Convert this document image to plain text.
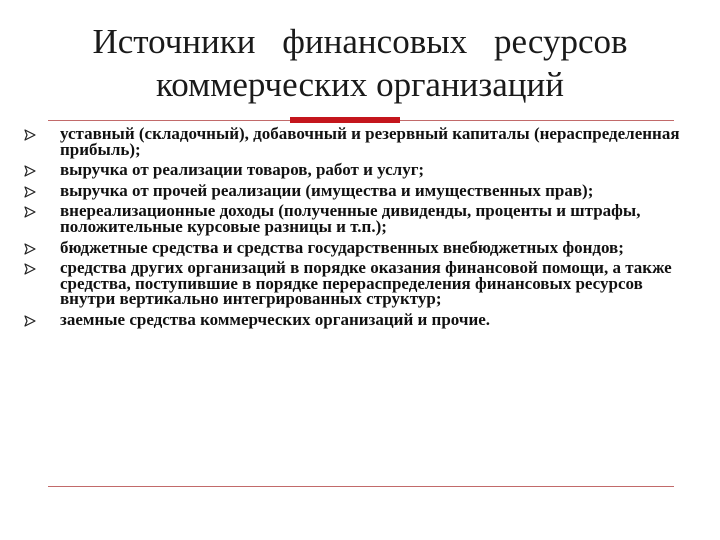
Источники финансовых ресурсов
коммерческих организаций
уставный (складочный), добавочный и резервный капиталы (нераспределенная прибыль);
выручка от реализации товаров, работ и услуг;
выручка от прочей реализации (имущества и имущественных прав);
внереализационные доходы (полученные дивиденды, проценты и штрафы, положительные курсовые разницы и т.п.);
бюджетные средства и средства государственных внебюджетных фондов;
средства других организаций в порядке оказания финансовой помощи, а также средства, поступившие в порядке перераспределения финансовых ресурсов внутри вертикально интегрированных структур;
заемные средства коммерческих организаций и прочие.
